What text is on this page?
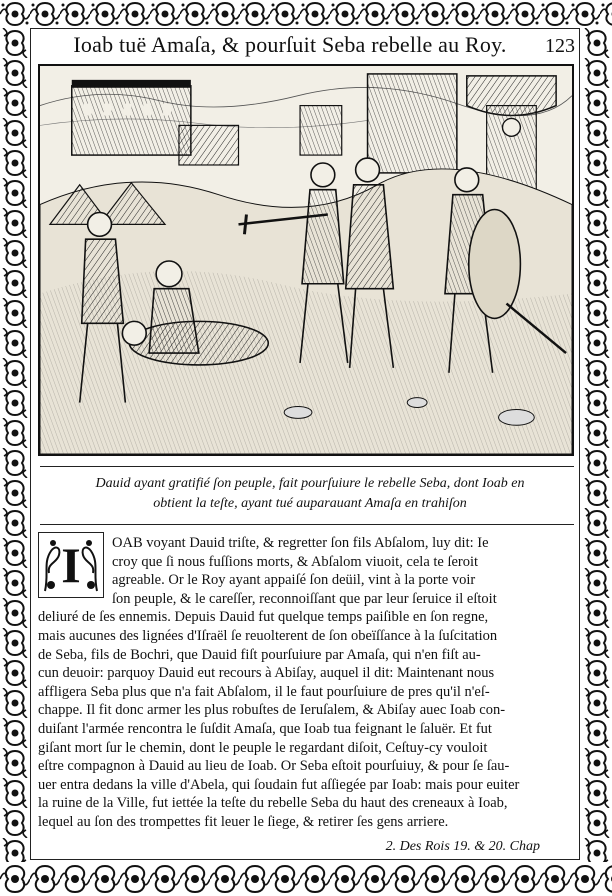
Ioab tuë Amaſa, & pourſuit Seba rebelle au Roy.	123
Dauid ayant gratifié ſon peuple, fait pourſuiure le rebelle Seba, dont Ioab en
obtient la teſte, ayant tué auparauant Amaſa en trahiſon
I	OAB voyant Dauid triſte, & regretter ſon fils Abſalom, luy dit: Ie
croy que ſi nous fuſſions morts, & Abſalom viuoit, cela te ſeroit
agreable. Or le Roy ayant appaiſé ſon deüil, vint à la porte voir
ſon peuple, & le careſſer, reconnoiſſant que par leur ſeruice il eſtoit
deliuré de ſes ennemis. Depuis Dauid fut quelque temps paiſible en ſon regne,
mais aucunes des lignées d'Iſraël ſe reuolterent de ſon obeïſſance à la ſuſcitation
de Seba, fils de Bochri, que Dauid fiſt pourſuiure par Amaſa, qui n'en fiſt au-
cun deuoir: parquoy Dauid eut recours à Abiſay, auquel il dit: Maintenant nous
affligera Seba plus que n'a fait Abſalom, il le faut pourſuiure de pres qu'il n'eſ-
chappe. Il fit donc armer les plus robuſtes de Ieruſalem, & Abiſay auec Ioab con-
duiſant l'armée rencontra le ſuſdit Amaſa, que Ioab tua feignant le ſaluër. Et fut
giſant mort ſur le chemin, dont le peuple le regardant diſoit, Ceſtuy-cy vouloit
eſtre compagnon à Dauid au lieu de Ioab. Or Seba eſtoit pourſuiuy, & pour ſe ſau-
uer entra dedans la ville d'Abela, qui ſoudain fut aſſiegée par Ioab: mais pour euiter
2. Des Rois 19. & 20. Chap
la ruine de la Ville, fut iettée la teſte du rebelle Seba du haut des creneaux à Ioab,
lequel au ſon des trompettes fit leuer le ſiege, & retirer ſes gens arriere.
